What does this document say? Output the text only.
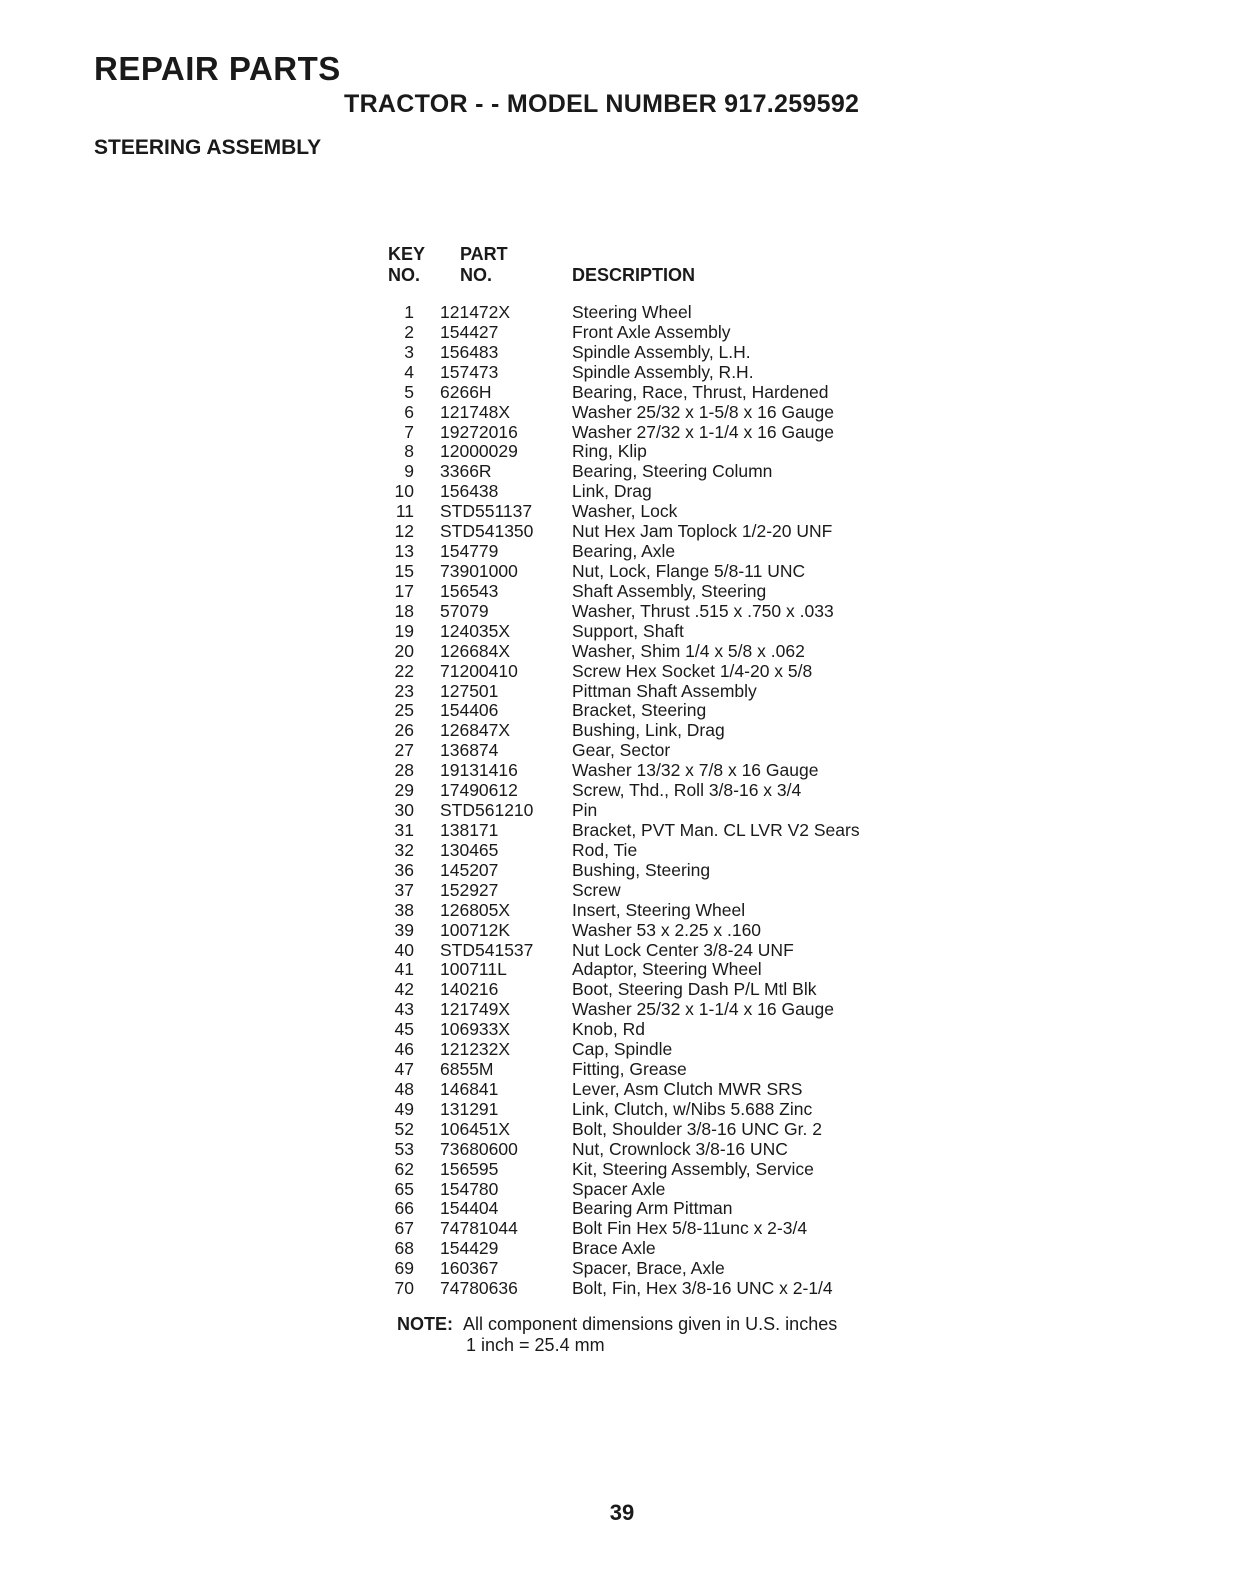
REPAIR PARTS
TRACTOR - - MODEL NUMBER 917.259592
STEERING ASSEMBLY
KEY
NO.
PART
NO.	DESCRIPTION
1 121472X	Steering Wheel
2 154427	Front Axle Assembly
3 156483	Spindle Assembly, L.H.
4 157473	Spindle Assembly, R.H.
5 6266H	Bearing, Race, Thrust, Hardened
6 121748X	Washer 25/32 x 1-5/8 x 16 Gauge
7 19272016	Washer 27/32 x 1-1/4 x 16 Gauge
8 12000029	Ring, Klip
9 3366R	Bearing, Steering Column
10 156438	Link, Drag
11 STD551137 Washer, Lock
12 STD541350 Nut Hex Jam Toplock 1/2-20 UNF
13 154779	Bearing, Axle
15 73901000	Nut, Lock, Flange 5/8-11 UNC
17 156543	Shaft Assembly, Steering
18 57079	Washer, Thrust .515 x .750 x .033
19 124035X	Support, Shaft
20 126684X	Washer, Shim 1/4 x 5/8 x .062
22 71200410	Screw Hex Socket 1/4-20 x 5/8
23 127501	Pittman Shaft Assembly
25 154406	Bracket, Steering
26 126847X	Bushing, Link, Drag
27 136874	Gear, Sector
28 19131416	Washer 13/32 x 7/8 x 16 Gauge
29 17490612	Screw, Thd., Roll 3/8-16 x 3/4
30 STD561210 Pin
31 138171	Bracket, PVT Man. CL LVR V2 Sears
32 130465	Rod, Tie
36 145207	Bushing, Steering
37 152927	Screw
38 126805X	Insert, Steering Wheel
39 100712K	Washer 53 x 2.25 x .160
40 STD541537 Nut Lock Center 3/8-24 UNF
41 100711L	Adaptor, Steering Wheel
42 140216	Boot, Steering Dash P/L Mtl Blk
43 121749X	Washer 25/32 x 1-1/4 x 16 Gauge
45 106933X	Knob, Rd
46 121232X	Cap, Spindle
47 6855M	Fitting, Grease
48 146841	Lever, Asm Clutch MWR SRS
49 131291	Link, Clutch, w/Nibs 5.688 Zinc
52 106451X	Bolt, Shoulder 3/8-16 UNC Gr. 2
53 73680600	Nut, Crownlock 3/8-16 UNC
62 156595	Kit, Steering Assembly, Service
65 154780	Spacer Axle
66 154404	Bearing Arm Pittman
67 74781044	Bolt Fin Hex 5/8-11unc x 2-3/4
68 154429	Brace Axle
69 160367	Spacer, Brace, Axle
70 74780636	Bolt, Fin, Hex 3/8-16 UNC x 2-1/4
NOTE: All component dimensions given in U.S. inches
1 inch = 25.4 mm
39
